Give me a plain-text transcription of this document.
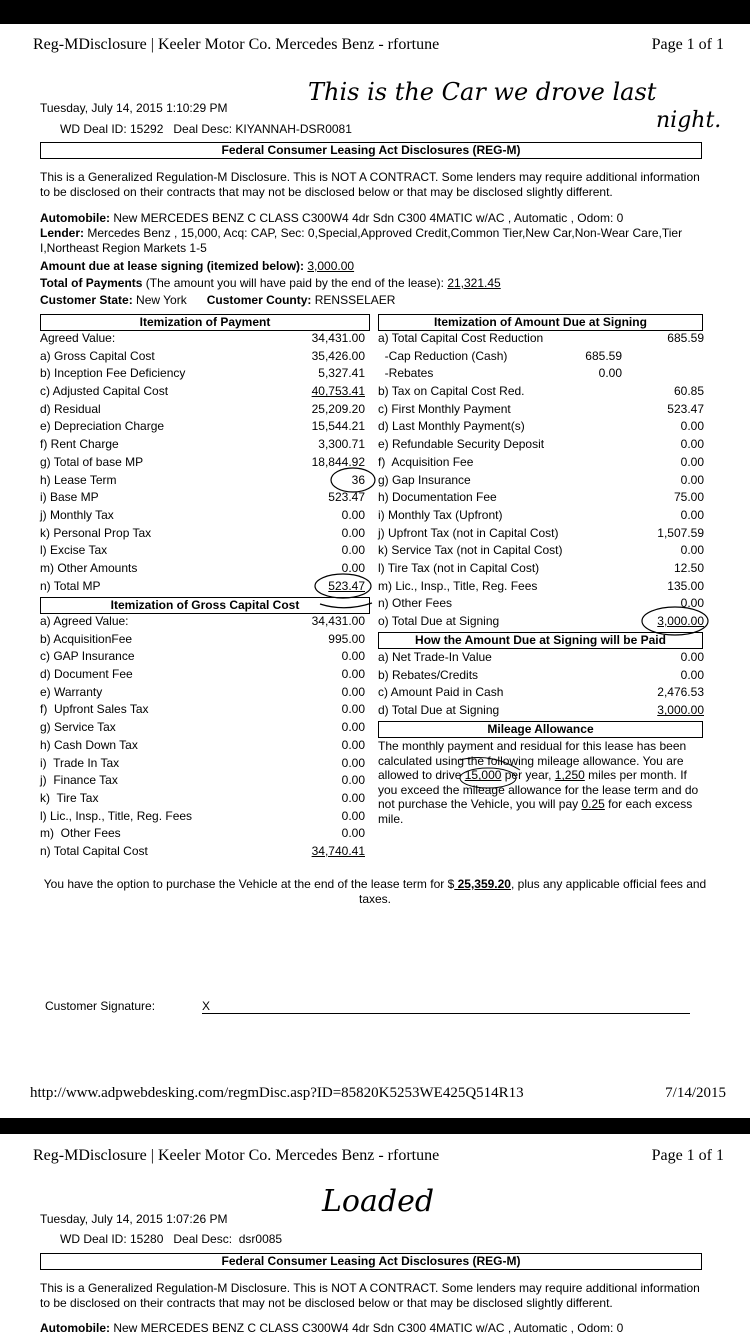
Reg-MDisclosure | Keeler Motor Co. Mercedes Benz - rfortune	Page 1 of 1
This is the Car we drove last
night.
Tuesday, July 14, 2015 1:10:29 PM
WD Deal ID: 15292   Deal Desc: KIYANNAH-DSR0081
Federal Consumer Leasing Act Disclosures (REG-M)
This is a Generalized Regulation-M Disclosure. This is NOT A CONTRACT. Some lenders may require additional information to be disclosed on their contracts that may not be disclosed below or that may be disclosed slightly different.
Automobile: New MERCEDES BENZ C CLASS C300W4 4dr Sdn C300 4MATIC w/AC , Automatic , Odom: 0
Lender: Mercedes Benz , 15,000, Acq: CAP, Sec: 0,Special,Approved Credit,Common Tier,New Car,Non-Wear Care,Tier I,Northeast Region Markets 1-5
Amount due at lease signing (itemized below): 3,000.00
Total of Payments (The amount you will have paid by the end of the lease): 21,321.45
Customer State: New York Customer County: RENSSELAER
Itemization of Payment
Agreed Value:	34,431.00
a) Gross Capital Cost	35,426.00
b) Inception Fee Deficiency	5,327.41
c) Adjusted Capital Cost	40,753.41
d) Residual	25,209.20
e) Depreciation Charge	15,544.21
f) Rent Charge	3,300.71
g) Total of base MP	18,844.92
h) Lease Term	36
i) Base MP	523.47
j) Monthly Tax	0.00
k) Personal Prop Tax	0.00
l) Excise Tax	0.00
m) Other Amounts	0.00
n) Total MP	523.47
Itemization of Gross Capital Cost
a) Agreed Value:	34,431.00
b) AcquisitionFee	995.00
c) GAP Insurance	0.00
d) Document Fee	0.00
e) Warranty	0.00
f)  Upfront Sales Tax	0.00
g) Service Tax	0.00
h) Cash Down Tax	0.00
i)  Trade In Tax	0.00
j)  Finance Tax	0.00
k)  Tire Tax	0.00
l) Lic., Insp., Title, Reg. Fees	0.00
m)  Other Fees	0.00
n) Total Capital Cost	34,740.41
Itemization of Amount Due at Signing
a) Total Capital Cost Reduction	685.59
-Cap Reduction (Cash)	685.59
-Rebates	0.00
b) Tax on Capital Cost Red.	60.85
c) First Monthly Payment	523.47
d) Last Monthly Payment(s)	0.00
e) Refundable Security Deposit	0.00
f)  Acquisition Fee	0.00
g) Gap Insurance	0.00
h) Documentation Fee	75.00
i) Monthly Tax (Upfront)	0.00
j) Upfront Tax (not in Capital Cost)	1,507.59
k) Service Tax (not in Capital Cost)	0.00
l) Tire Tax (not in Capital Cost)	12.50
m) Lic., Insp., Title, Reg. Fees	135.00
n) Other Fees	0.00
o) Total Due at Signing	3,000.00
How the Amount Due at Signing will be Paid
a) Net Trade-In Value	0.00
b) Rebates/Credits	0.00
c) Amount Paid in Cash	2,476.53
d) Total Due at Signing	3,000.00
Mileage Allowance
The monthly payment and residual for this lease has been calculated using the following mileage allowance. You are allowed to drive 15,000 per year, 1,250 miles per month. If you exceed the mileage allowance for the lease term and do not purchase the Vehicle, you will pay 0.25 for each excess mile.
You have the option to purchase the Vehicle at the end of the lease term for $ 25,359.20, plus any applicable official fees and taxes.
Customer Signature:	X
http://www.adpwebdesking.com/regmDisc.asp?ID=85820K5253WE425Q514R13	7/14/2015
Reg-MDisclosure | Keeler Motor Co. Mercedes Benz - rfortune	Page 1 of 1
Loaded
Tuesday, July 14, 2015 1:07:26 PM
WD Deal ID: 15280   Deal Desc:  dsr0085
Federal Consumer Leasing Act Disclosures (REG-M)
This is a Generalized Regulation-M Disclosure. This is NOT A CONTRACT. Some lenders may require additional information to be disclosed on their contracts that may not be disclosed below or that may be disclosed slightly different.
Automobile: New MERCEDES BENZ C CLASS C300W4 4dr Sdn C300 4MATIC w/AC , Automatic , Odom: 0
